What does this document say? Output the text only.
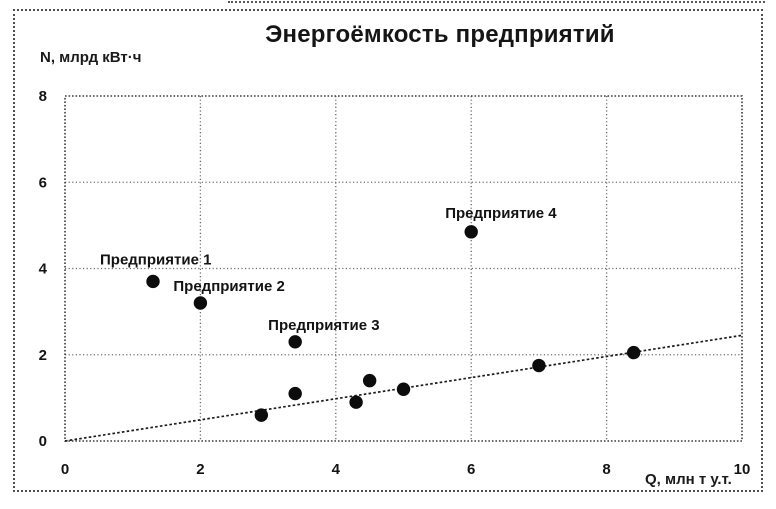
Энергоёмкость предприятий
N, млрд кВт·ч
Предприятие 1
Предприятие 2
Предприятие 3
Предприятие 4
0
2
4
6
8
0	2	4	6	8	10
Q, млн т у.т.
